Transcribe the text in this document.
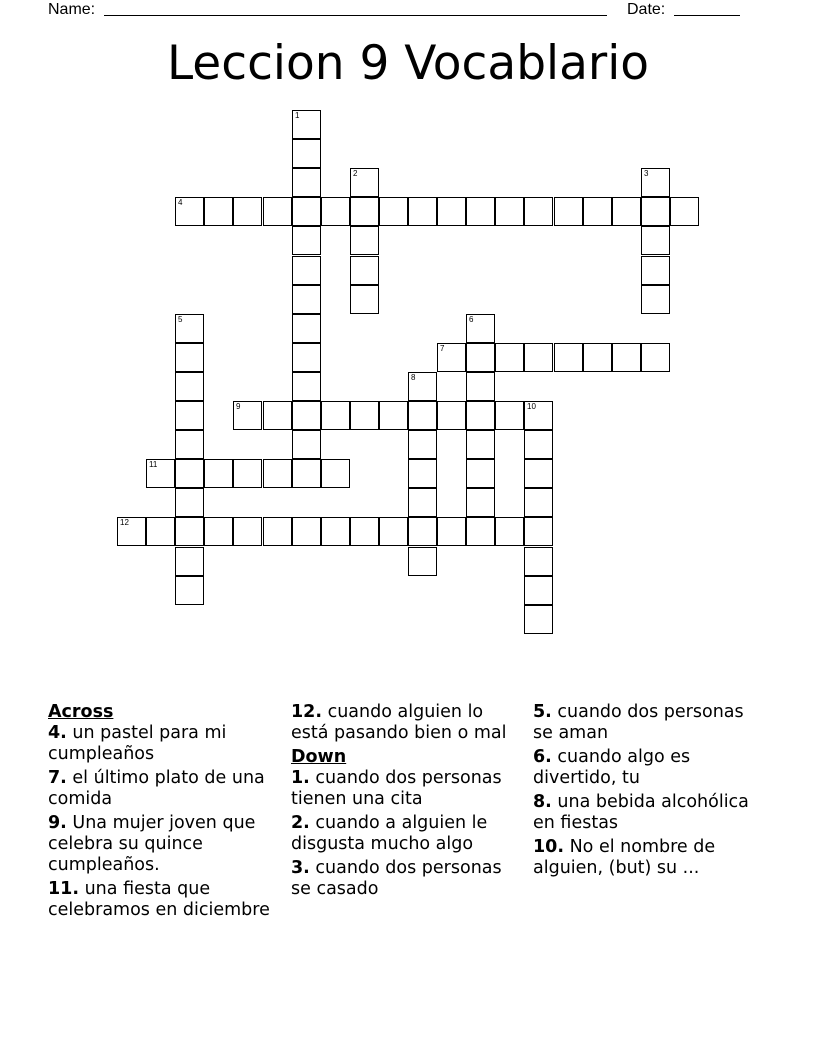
Name:	Date:
Leccion 9 Vocablario
1
2	3
4
5	6
7
8
9	10
11
12

Across

4. un pastel para mi cumpleaños

7. el último plato de una comida

9. Una mujer joven que celebra su quince cumpleaños.

11. una fiesta que celebramos en diciembre

12. cuando alguien lo está pasando bien o mal

Down

1. cuando dos personas tienen una cita

2. cuando a alguien le disgusta mucho algo

3. cuando dos personas se casado

5. cuando dos personas se aman

6. cuando algo es divertido, tu

8. una bebida alcohólica en fiestas

10. No el nombre de alguien, (but) su ...
